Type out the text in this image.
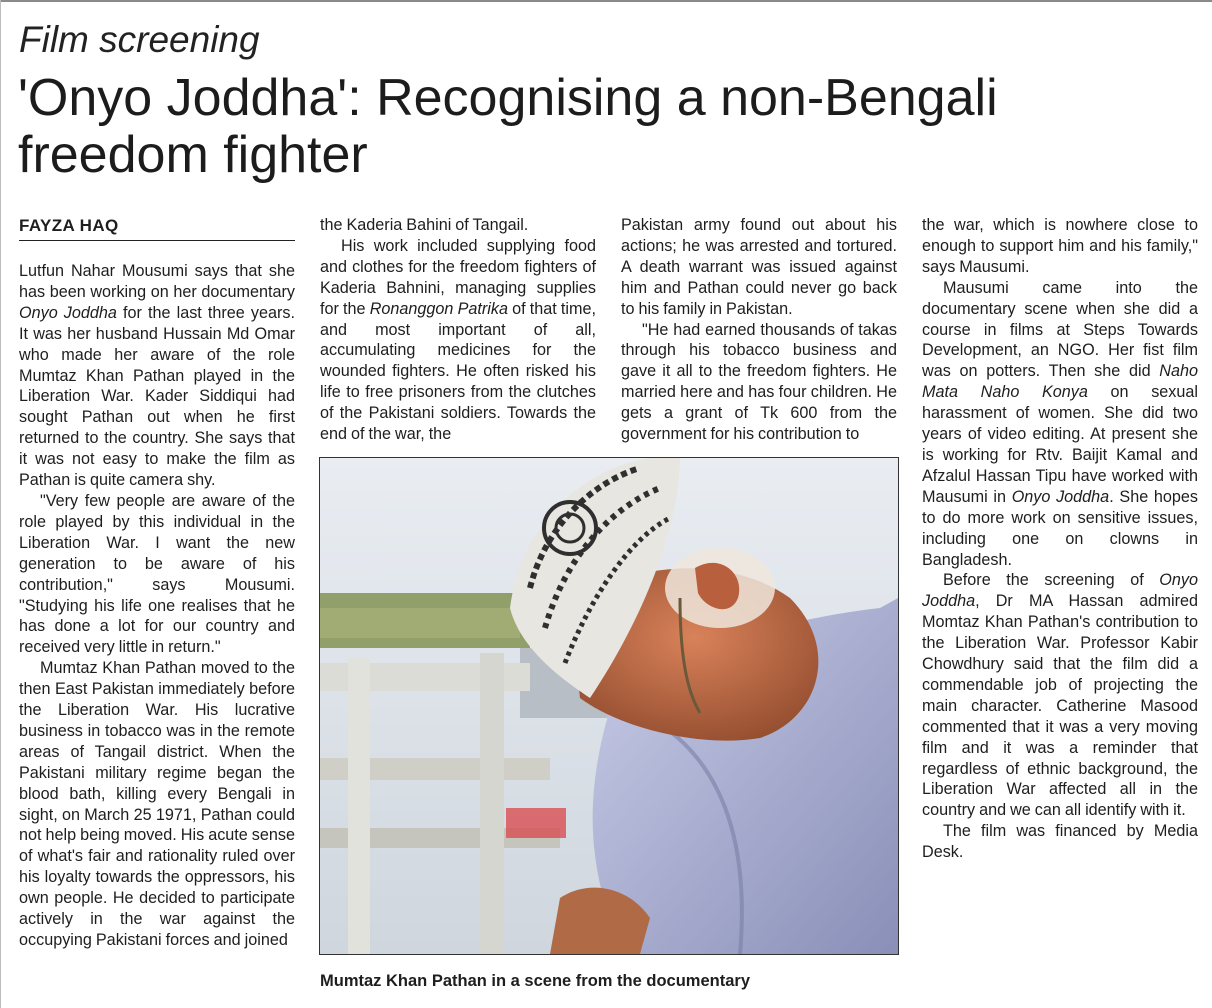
Film screening
'Onyo Joddha': Recognising a non-Bengali freedom fighter
FAYZA HAQ

Lutfun Nahar Mousumi says that she has been working on her documentary Onyo Joddha for the last three years. It was her husband Hussain Md Omar who made her aware of the role Mumtaz Khan Pathan played in the Liberation War. Kader Siddiqui had sought Pathan out when he first returned to the country. She says that it was not easy to make the film as Pathan is quite camera shy.

"Very few people are aware of the role played by this individual in the Liberation War. I want the new generation to be aware of his contribution," says Mousumi. "Studying his life one realises that he has done a lot for our country and received very little in return."

Mumtaz Khan Pathan moved to the then East Pakistan immediately before the Liberation War. His lucrative business in tobacco was in the remote areas of Tangail district. When the Pakistani military regime began the blood bath, killing every Bengali in sight, on March 25 1971, Pathan could not help being moved. His acute sense of what's fair and rationality ruled over his loyalty towards the oppressors, his own people. He decided to participate actively in the war against the occupying Pakistani forces and joined

the Kaderia Bahini of Tangail.

His work included supplying food and clothes for the freedom fighters of Kaderia Bahnini, managing supplies for the Ronanggon Patrika of that time, and most important of all, accumulating medicines for the wounded fighters. He often risked his life to free prisoners from the clutches of the Pakistani soldiers. Towards the end of the war, the

Pakistan army found out about his actions; he was arrested and tortured. A death warrant was issued against him and Pathan could never go back to his family in Pakistan.

"He had earned thousands of takas through his tobacco business and gave it all to the freedom fighters. He married here and has four children. He gets a grant of Tk 600 from the government for his contribution to

the war, which is nowhere close to enough to support him and his family," says Mausumi.

Mausumi came into the documentary scene when she did a course in films at Steps Towards Development, an NGO. Her fist film was on potters. Then she did Naho Mata Naho Konya on sexual harassment of women. She did two years of video editing. At present she is working for Rtv. Baijit Kamal and Afzalul Hassan Tipu have worked with Mausumi in Onyo Joddha. She hopes to do more work on sensitive issues, including one on clowns in Bangladesh.

Before the screening of Onyo Joddha, Dr MA Hassan admired Momtaz Khan Pathan's contribution to the Liberation War. Professor Kabir Chowdhury said that the film did a commendable job of projecting the main character. Catherine Masood commented that it was a very moving film and it was a reminder that regardless of ethnic background, the Liberation War affected all in the country and we can all identify with it.

The film was financed by Media Desk.

Mumtaz Khan Pathan in a scene from the documentary
